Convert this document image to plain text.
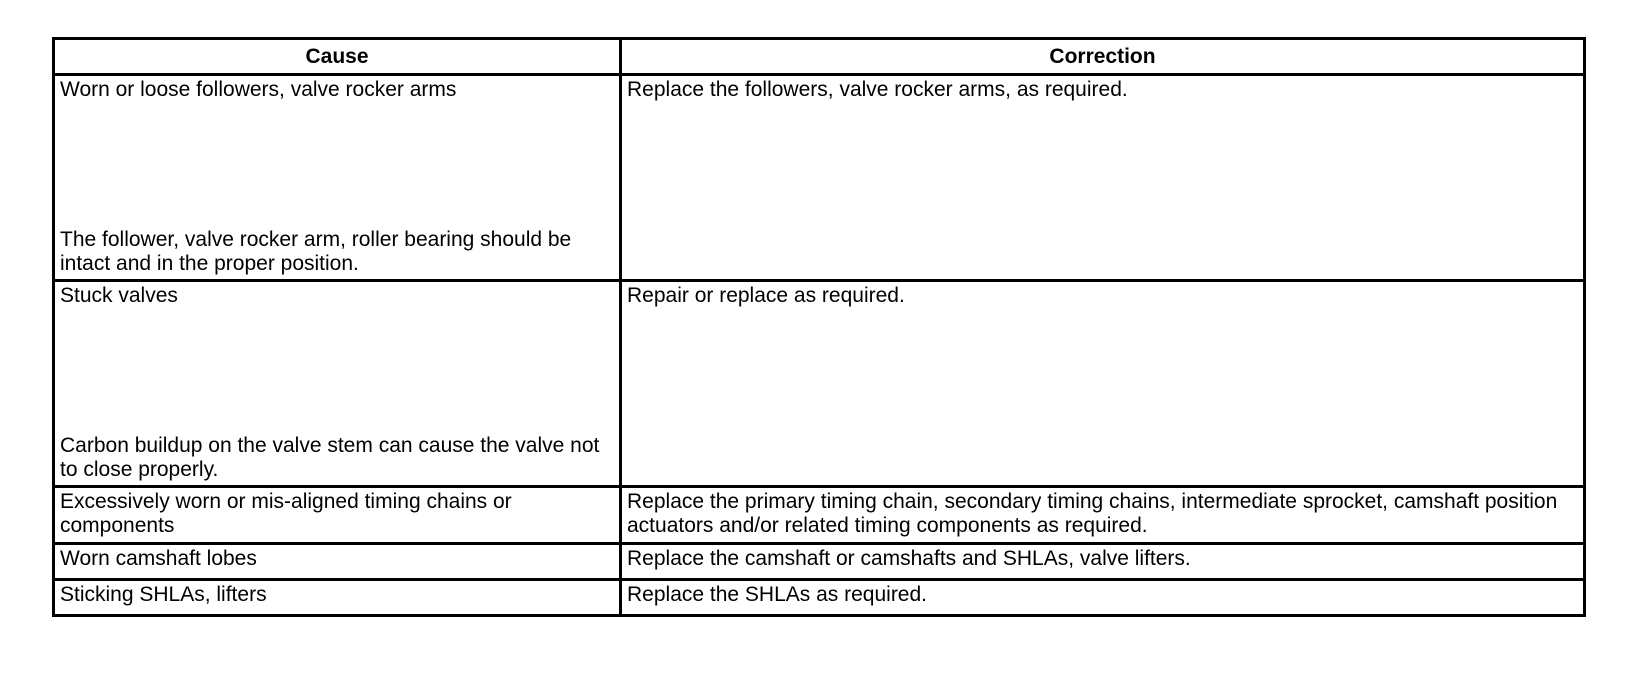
Cause	Correction

Worn or loose followers, valve rocker arms
The follower, valve rocker arm, roller bearing should be intact and in the proper position.	Replace the followers, valve rocker arms, as required.

Stuck valves
Carbon buildup on the valve stem can cause the valve not to close properly.	Repair or replace as required.
Excessively worn or mis-aligned timing chains or components	Replace the primary timing chain, secondary timing chains, intermediate sprocket, camshaft position actuators and/or related timing components as required.
Worn camshaft lobes	Replace the camshaft or camshafts and SHLAs, valve lifters.
Sticking SHLAs, lifters	Replace the SHLAs as required.
